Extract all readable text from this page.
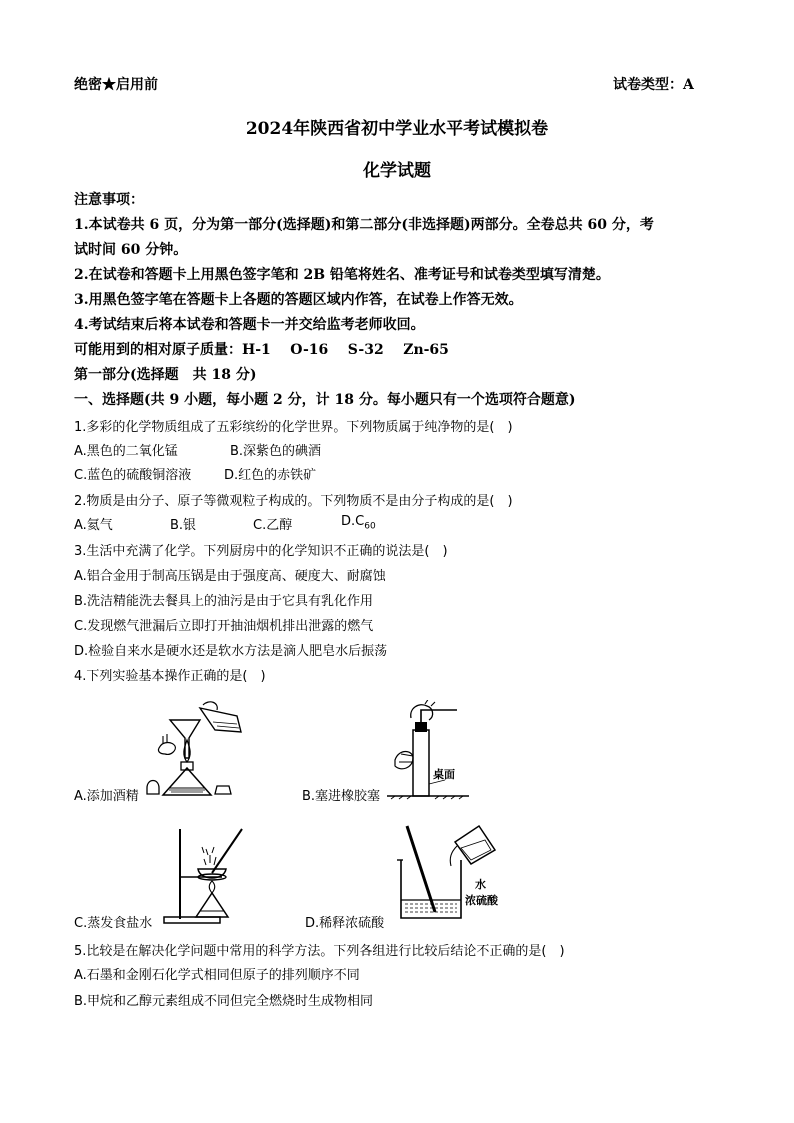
绝密★启用前	试卷类型：A
2024年陕西省初中学业水平考试模拟卷
化学试题
注意事项：
1.本试卷共 6 页，分为第一部分(选择题)和第二部分(非选择题)两部分。全卷总共 60 分，考
试时间 60 分钟。
2.在试卷和答题卡上用黑色签字笔和 2B 铅笔将姓名、准考证号和试卷类型填写清楚。
3.用黑色签字笔在答题卡上各题的答题区域内作答，在试卷上作答无效。
4.考试结束后将本试卷和答题卡一并交给监考老师收回。
可能用到的相对原子质量：H-1 O-16 S-32 Zn-65
第一部分(选择题　共 18 分)
一、选择题(共 9 小题，每小题 2 分，计 18 分。每小题只有一个选项符合题意)
1.多彩的化学物质组成了五彩缤纷的化学世界。下列物质属于纯净物的是(　)
A.黑色的二氧化锰	B.深紫色的碘酒
C.蓝色的硫酸铜溶液	D.红色的赤铁矿
2.物质是由分子、原子等微观粒子构成的。下列物质不是由分子构成的是(　)
A.氦气	B.银	C.乙醇	$D.C_{60}$
3.生活中充满了化学。下列厨房中的化学知识不正确的说法是(　)
A.铝合金用于制高压锅是由于强度高、硬度大、耐腐蚀
B.洗洁精能洗去餐具上的油污是由于它具有乳化作用
C.发现燃气泄漏后立即打开抽油烟机排出泄露的燃气
D.检验自来水是硬水还是软水方法是滴人肥皂水后振荡
4.下列实验基本操作正确的是(　)
A.添加酒精
桌面
B.塞进橡胶塞
C.蒸发食盐水
水
浓硫酸
D.稀释浓硫酸
5.比较是在解决化学问题中常用的科学方法。下列各组进行比较后结论不正确的是(　)
A.石墨和金刚石化学式相同但原子的排列顺序不同
B.甲烷和乙醇元素组成不同但完全燃烧时生成物相同
